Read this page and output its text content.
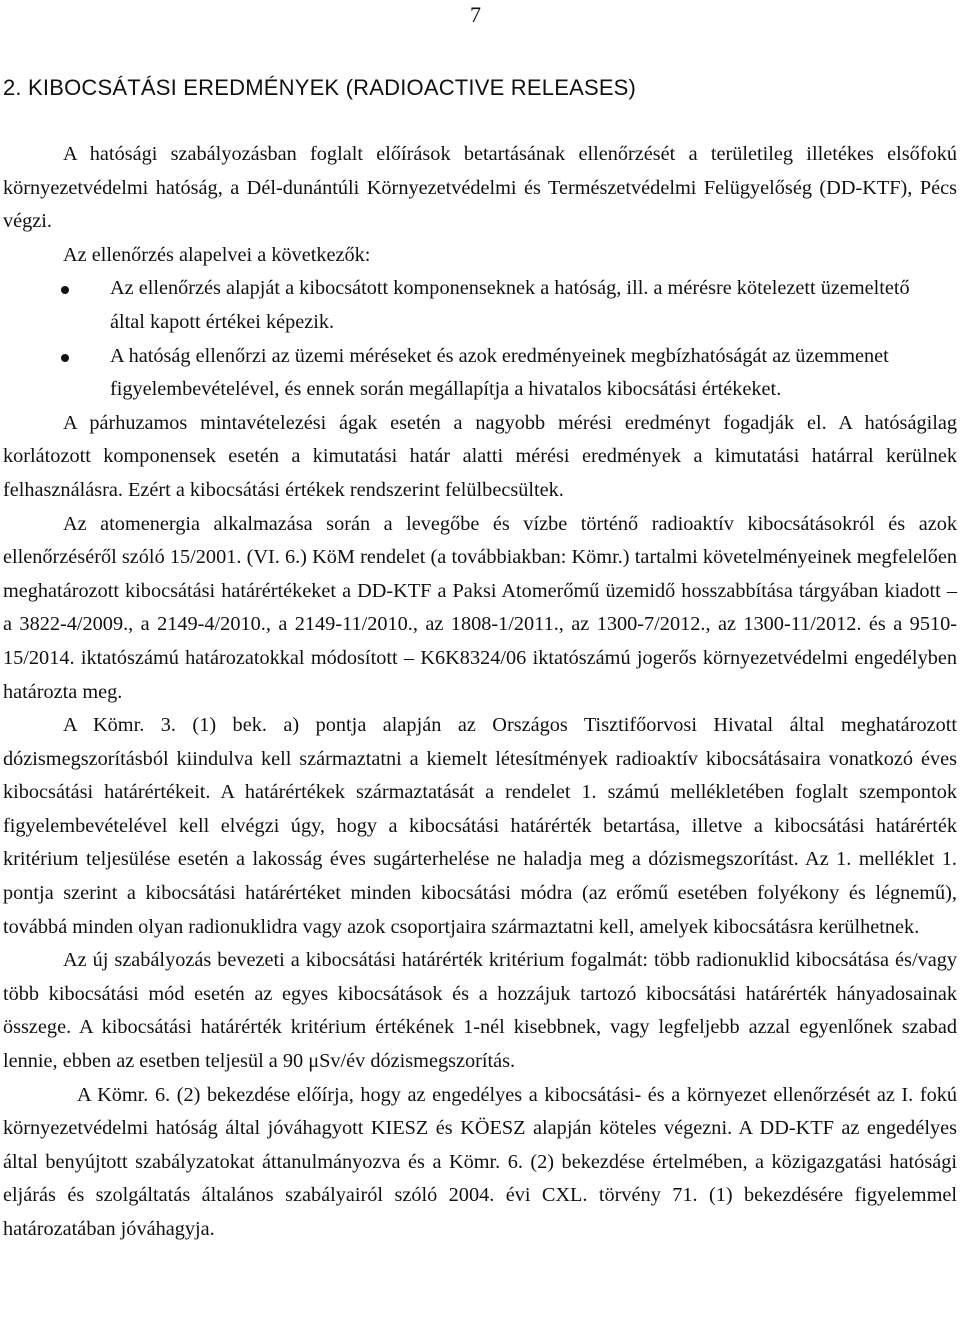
7
2. KIBOCSÁTÁSI EREDMÉNYEK (RADIOACTIVE RELEASES)

A hatósági szabályozásban foglalt előírások betartásának ellenőrzését a területileg illetékes elsőfokú környezetvédelmi hatóság, a Dél-dunántúli Környezetvédelmi és Természetvédelmi Felügyelőség (DD-KTF), Pécs végzi.

Az ellenőrzés alapelvei a következők:

Az ellenőrzés alapját a kibocsátott komponenseknek a hatóság, ill. a mérésre kötelezett üzemeltető által kapott értékei képezik.
A hatóság ellenőrzi az üzemi méréseket és azok eredményeinek megbízhatóságát az üzemmenet figyelembevételével, és ennek során megállapítja a hivatalos kibocsátási értékeket.

A párhuzamos mintavételezési ágak esetén a nagyobb mérési eredményt fogadják el. A hatóságilag korlátozott komponensek esetén a kimutatási határ alatti mérési eredmények a kimutatási határral kerülnek felhasználásra. Ezért a kibocsátási értékek rendszerint felülbecsültek.

Az atomenergia alkalmazása során a levegőbe és vízbe történő radioaktív kibocsátásokról és azok ellenőrzéséről szóló 15/2001. (VI. 6.) KöM rendelet (a továbbiakban: Kömr.) tartalmi követelményeinek megfelelően meghatározott kibocsátási határértékeket a DD-KTF a Paksi Atomerőmű üzemidő hosszabbítása tárgyában kiadott – a 3822-4/2009., a 2149-4/2010., a 2149-11/2010., az 1808-1/2011., az 1300-7/2012., az 1300-11/2012. és a 9510-15/2014. iktatószámú határozatokkal módosított – K6K8324/06 iktatószámú jogerős környezetvédelmi engedélyben határozta meg.

A Kömr. 3. (1) bek. a) pontja alapján az Országos Tisztifőorvosi Hivatal által meghatározott dózismegszorításból kiindulva kell származtatni a kiemelt létesítmények radioaktív kibocsátásaira vonatkozó éves kibocsátási határértékeit. A határértékek származtatását a rendelet 1. számú mellékletében foglalt szempontok figyelembevételével kell elvégzi úgy, hogy a kibocsátási határérték betartása, illetve a kibocsátási határérték kritérium teljesülése esetén a lakosság éves sugárterhelése ne haladja meg a dózismegszorítást. Az 1. melléklet 1. pontja szerint a kibocsátási határértéket minden kibocsátási módra (az erőmű esetében folyékony és légnemű), továbbá minden olyan radionuklidra vagy azok csoportjaira származtatni kell, amelyek kibocsátásra kerülhetnek.

Az új szabályozás bevezeti a kibocsátási határérték kritérium fogalmát: több radionuklid kibocsátása és/vagy több kibocsátási mód esetén az egyes kibocsátások és a hozzájuk tartozó kibocsátási határérték hányadosainak összege. A kibocsátási határérték kritérium értékének 1-nél kisebbnek, vagy legfeljebb azzal egyenlőnek szabad lennie, ebben az esetben teljesül a 90 μSv/év dózismegszorítás.

A Kömr. 6. (2) bekezdése előírja, hogy az engedélyes a kibocsátási- és a környezet ellenőrzését az I. fokú környezetvédelmi hatóság által jóváhagyott KIESZ és KÖESZ alapján köteles végezni. A DD-KTF az engedélyes által benyújtott szabályzatokat áttanulmányozva és a Kömr. 6. (2) bekezdése értelmében, a közigazgatási hatósági eljárás és szolgáltatás általános szabályairól szóló 2004. évi CXL. törvény 71. (1) bekezdésére figyelemmel határozatában jóváhagyja.
